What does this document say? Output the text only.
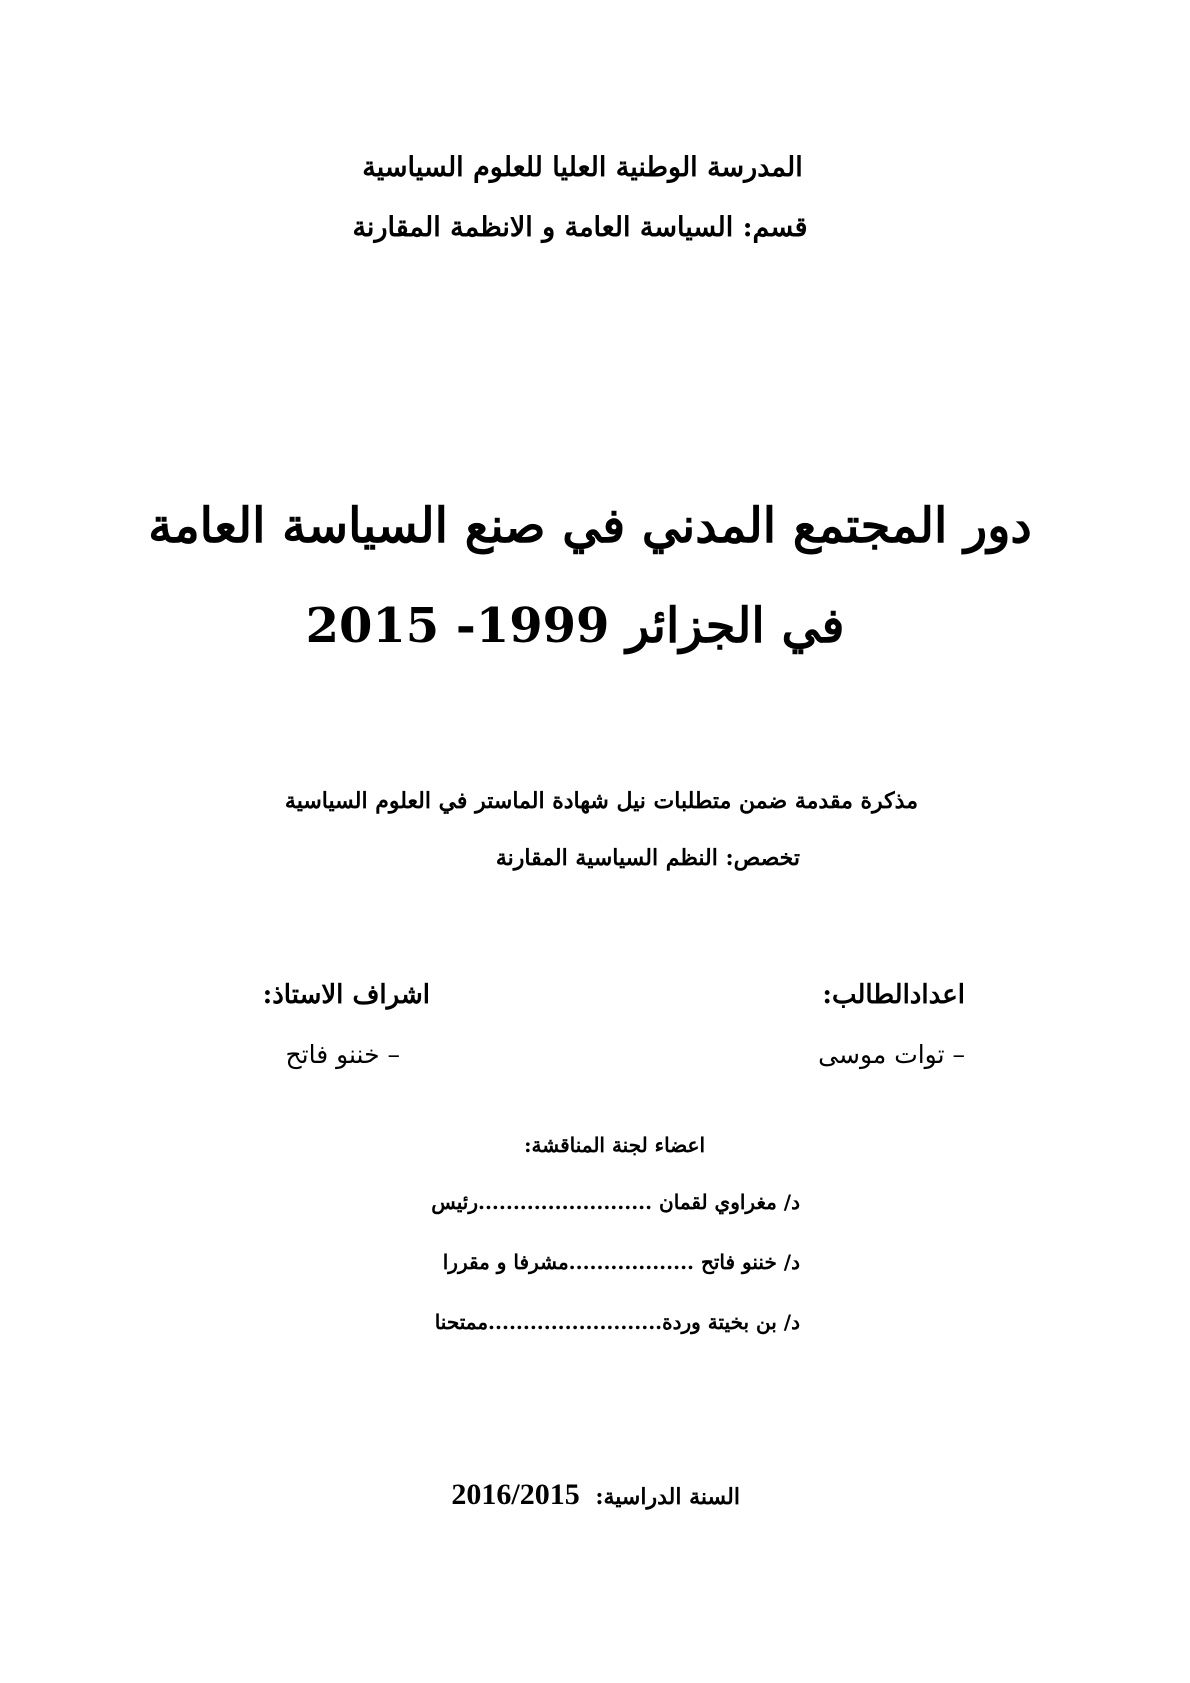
المدرسة الوطنية العليا للعلوم السياسية
قسم: السياسة العامة و الانظمة المقارنة
دور المجتمع المدني في صنع السياسة العامة
في الجزائر 1999- 2015
مذكرة مقدمة ضمن متطلبات نيل شهادة الماستر في العلوم السياسية
تخصص: النظم السياسية المقارنة
اعدادالطالب:
اشراف الاستاذ:
– توات موسى
– خننو فاتح
اعضاء لجنة المناقشة:
د/ مغراوي لقمان .........................رئيس
د/ خننو فاتح ..................مشرفا و مقررا
د/ بن بخيتة وردة.........................ممتحنا
السنة الدراسية: 2016/2015
